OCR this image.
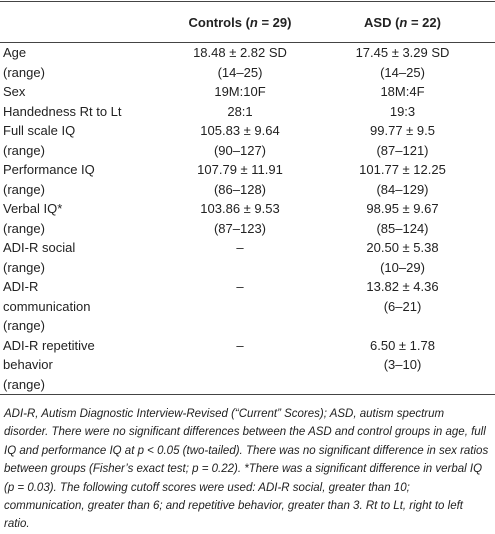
	Controls (n = 29)	ASD (n = 22)
Age	18.48 ± 2.82 SD	17.45 ± 3.29 SD
(range)	(14–25)	(14–25)
Sex	19M:10F	18M:4F
Handedness Rt to Lt	28:1	19:3
Full scale IQ	105.83 ± 9.64	99.77 ± 9.5
(range)	(90–127)	(87–121)
Performance IQ	107.79 ± 11.91	101.77 ± 12.25
(range)	(86–128)	(84–129)
Verbal IQ*	103.86 ± 9.53	98.95 ± 9.67
(range)	(87–123)	(85–124)
ADI-R social	–	20.50 ± 5.38
(range)		(10–29)
ADI-R	–	13.82 ± 4.36
communication		(6–21)
(range)		
ADI-R repetitive	–	6.50 ± 1.78
behavior		(3–10)
(range)		

ADI-R, Autism Diagnostic Interview-Revised (“Current” Scores); ASD, autism spectrum disorder. There were no significant differences between the ASD and control groups in age, full IQ and performance IQ at p < 0.05 (two-tailed). There was no significant difference in sex ratios between groups (Fisher’s exact test; p = 0.22). *There was a significant difference in verbal IQ (p = 0.03). The following cutoff scores were used: ADI-R social, greater than 10; communication, greater than 6; and repetitive behavior, greater than 3. Rt to Lt, right to left ratio.
